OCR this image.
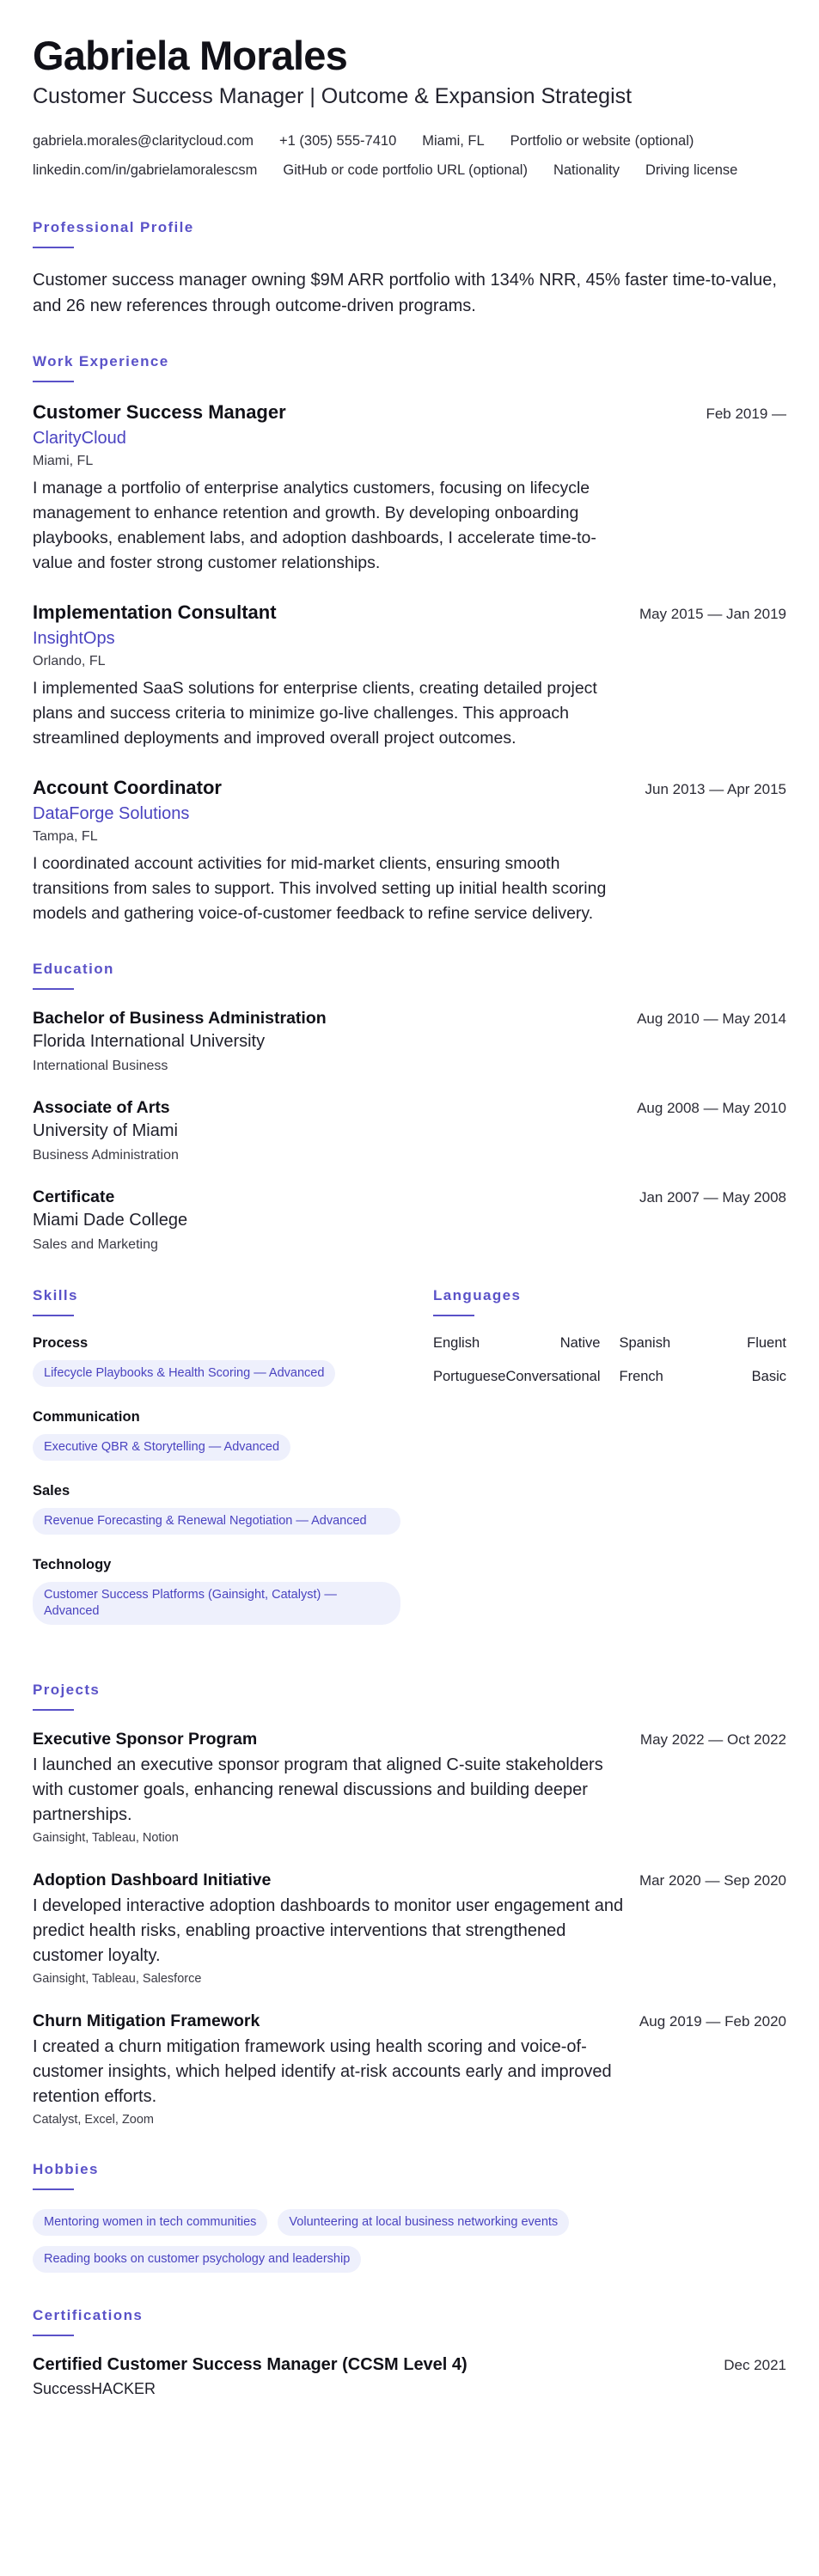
Gabriela Morales
Customer Success Manager | Outcome & Expansion Strategist
gabriela.morales@claritycloud.com +1 (305) 555-7410 Miami, FL Portfolio or website (optional)
linkedin.com/in/gabrielamoralescsm GitHub or code portfolio URL (optional) Nationality Driving license
Professional Profile

Customer success manager owning $9M ARR portfolio with 134% NRR, 45% faster time-to-value, and 26 new references through outcome-driven programs.

Work Experience
Customer Success Manager	Feb 2019 —
ClarityCloud
Miami, FL

I manage a portfolio of enterprise analytics customers, focusing on lifecycle management to enhance retention and growth. By developing onboarding playbooks, enablement labs, and adoption dashboards, I accelerate time-to-value and foster strong customer relationships.

Implementation Consultant	May 2015 — Jan 2019
InsightOps
Orlando, FL

I implemented SaaS solutions for enterprise clients, creating detailed project plans and success criteria to minimize go-live challenges. This approach streamlined deployments and improved overall project outcomes.

Account Coordinator	Jun 2013 — Apr 2015
DataForge Solutions
Tampa, FL

I coordinated account activities for mid-market clients, ensuring smooth transitions from sales to support. This involved setting up initial health scoring models and gathering voice-of-customer feedback to refine service delivery.

Education
Bachelor of Business Administration	Aug 2010 — May 2014
Florida International University
International Business
Associate of Arts	Aug 2008 — May 2010
University of Miami
Business Administration
Certificate	Jan 2007 — May 2008
Miami Dade College
Sales and Marketing
Skills
Process
Lifecycle Playbooks & Health Scoring — Advanced
Communication
Executive QBR & Storytelling — Advanced
Sales
Revenue Forecasting & Renewal Negotiation — Advanced
Technology
Customer Success Platforms (Gainsight, Catalyst) — Advanced
Languages
English	Native Spanish	Fluent
Portuguese Conversational French	Basic
Projects
Executive Sponsor Program	May 2022 — Oct 2022

I launched an executive sponsor program that aligned C-suite stakeholders with customer goals, enhancing renewal discussions and building deeper partnerships.

Gainsight, Tableau, Notion
Adoption Dashboard Initiative	Mar 2020 — Sep 2020

I developed interactive adoption dashboards to monitor user engagement and predict health risks, enabling proactive interventions that strengthened customer loyalty.

Gainsight, Tableau, Salesforce
Churn Mitigation Framework	Aug 2019 — Feb 2020

I created a churn mitigation framework using health scoring and voice-of-customer insights, which helped identify at-risk accounts early and improved retention efforts.

Catalyst, Excel, Zoom
Hobbies
Mentoring women in tech communities	Volunteering at local business networking events
Reading books on customer psychology and leadership
Certifications
Certified Customer Success Manager (CCSM Level 4)	Dec 2021
SuccessHACKER
